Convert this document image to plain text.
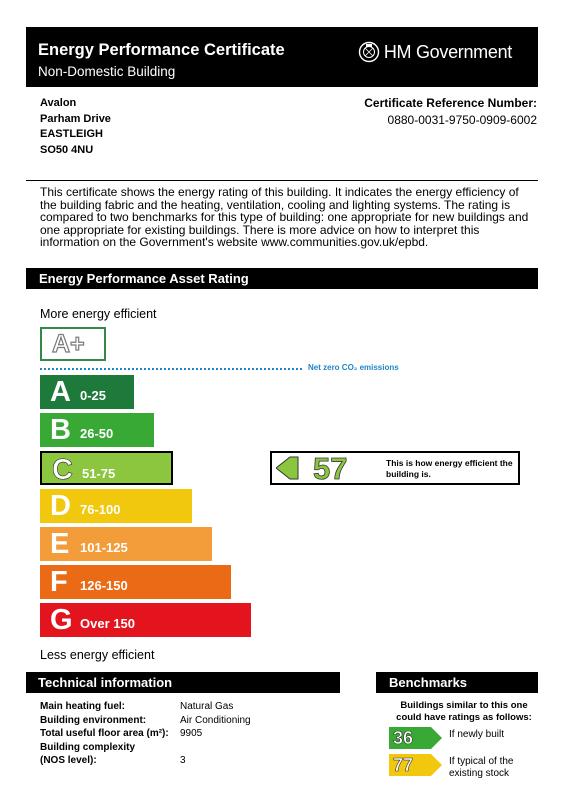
Energy Performance Certificate
Non-Domestic Building
HM Government
Avalon
Parham Drive
EASTLEIGH
SO50 4NU
Certificate Reference Number:
0880-0031-9750-0909-6002
This certificate shows the energy rating of this building. It indicates the energy efficiency of the building fabric and the heating, ventilation, cooling and lighting systems. The rating is compared to two benchmarks for this type of building: one appropriate for new buildings and one appropriate for existing buildings. There is more advice on how to interpret this information on the Government's website www.communities.gov.uk/epbd.
Energy Performance Asset Rating
More energy efficient
A+
Net zero CO₂ emissions
A 0-25
B 26-50
C 51-75
D 76-100
E 101-125
F 126-150
G Over 150
57	This is how energy efficient the building is.
Less energy efficient
Technical information
Main heating fuel:	Natural Gas
Building environment:	Air Conditioning
Total useful floor area (m²):	9905
Building complexity
(NOS level):	3
Benchmarks
Buildings similar to this one could have ratings as follows:
36	If newly built
77	If typical of the existing stock
